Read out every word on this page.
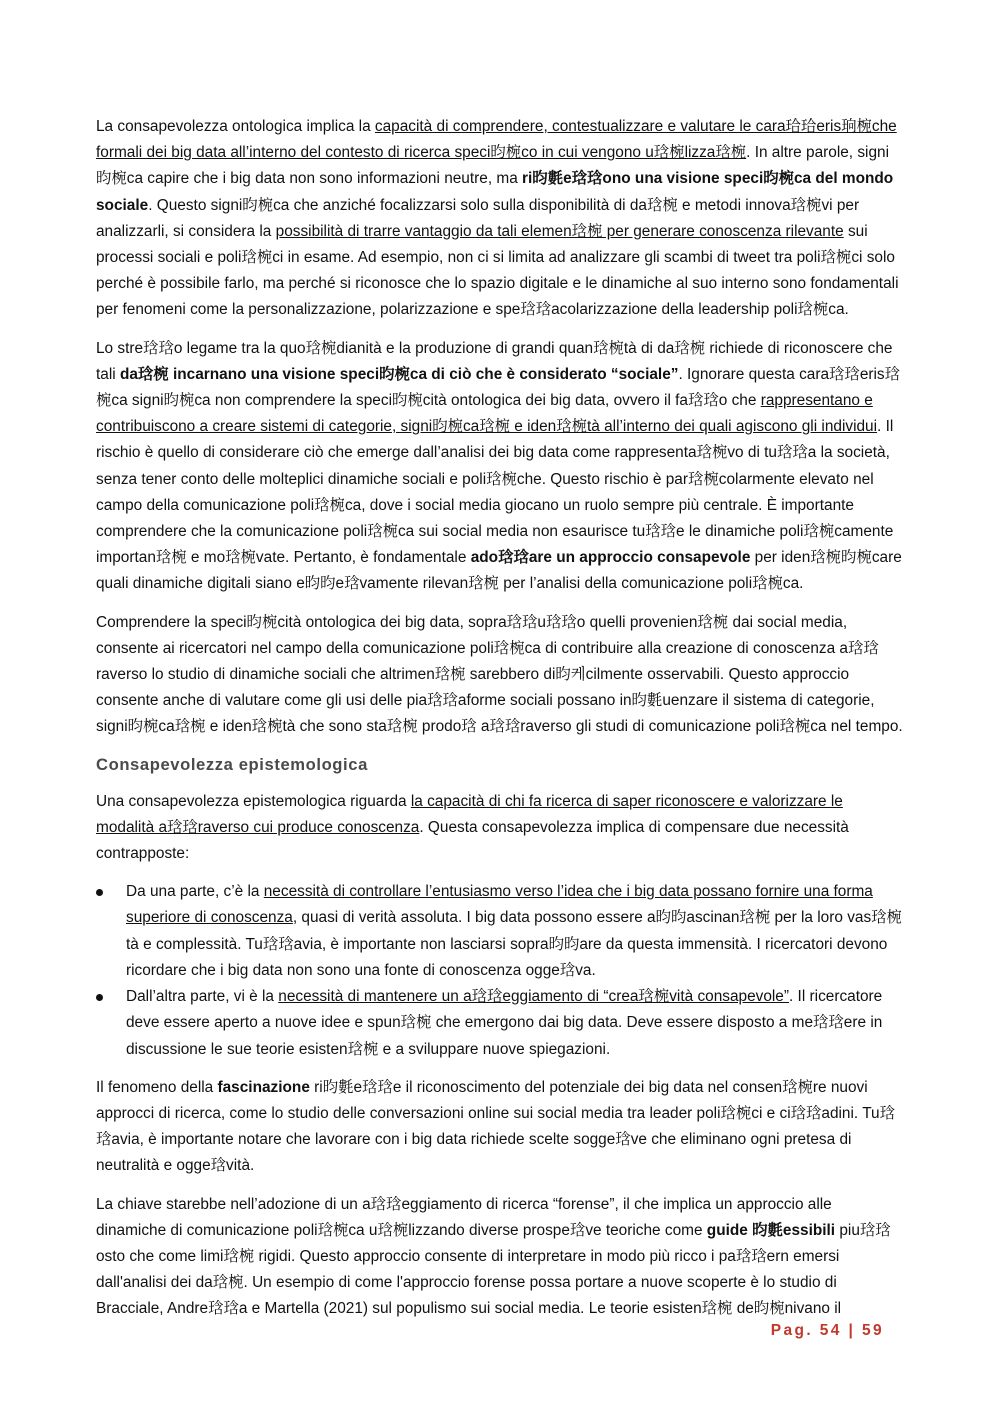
La consapevolezza ontologica implica la capacità di comprendere, contestualizzare e valutare le cara珨珨eris珦椀che formali dei big data all’interno del contesto di ricerca speci昀椀co in cui vengono u琀椀lizza琀椀. In altre parole, signi昀椀ca capire che i big data non sono informazioni neutre, ma ri昀氀e琀琀ono una visione speci昀椀ca del mondo sociale. Questo signi昀椀ca che anziché focalizzarsi solo sulla disponibilità di da琀椀 e metodi innova琀椀vi per analizzarli, si considera la possibilità di trarre vantaggio da tali elemen琀椀 per generare conoscenza rilevante sui processi sociali e poli琀椀ci in esame. Ad esempio, non ci si limita ad analizzare gli scambi di tweet tra poli琀椀ci solo perché è possibile farlo, ma perché si riconosce che lo spazio digitale e le dinamiche al suo interno sono fondamentali per fenomeni come la personalizzazione, polarizzazione e spe琀琀acolarizzazione della leadership poli琀椀ca.

Lo stre琀琀o legame tra la quo琀椀dianità e la produzione di grandi quan琀椀tà di da琀椀 richiede di riconoscere che tali da琀椀 incarnano una visione speci昀椀ca di ciò che è considerato “sociale”. Ignorare questa cara琀琀eris琀椀ca signi昀椀ca non comprendere la speci昀椀cità ontologica dei big data, ovvero il fa琀琀o che rappresentano e contribuiscono a creare sistemi di categorie, signi昀椀ca琀椀 e iden琀椀tà all’interno dei quali agiscono gli individui. Il rischio è quello di considerare ciò che emerge dall’analisi dei big data come rappresenta琀椀vo di tu琀琀a la società, senza tener conto delle molteplici dinamiche sociali e poli琀椀che. Questo rischio è par琀椀colarmente elevato nel campo della comunicazione poli琀椀ca, dove i social media giocano un ruolo sempre più centrale. È importante comprendere che la comunicazione poli琀椀ca sui social media non esaurisce tu琀琀e le dinamiche poli琀椀camente importan琀椀 e mo琀椀vate. Pertanto, è fondamentale ado琀琀are un approccio consapevole per iden琀椀昀椀care quali dinamiche digitali siano e昀昀e琀vamente rilevan琀椀 per l’analisi della comunicazione poli琀椀ca.

Comprendere la speci昀椀cità ontologica dei big data, sopra琀琀u琀琀o quelli provenien琀椀 dai social media, consente ai ricercatori nel campo della comunicazione poli琀椀ca di contribuire alla creazione di conoscenza a琀琀raverso lo studio di dinamiche sociali che altrimen琀椀 sarebbero di昀케cilmente osservabili. Questo approccio consente anche di valutare come gli usi delle pia琀琀aforme sociali possano in昀氀uenzare il sistema di categorie, signi昀椀ca琀椀 e iden琀椀tà che sono sta琀椀 prodo琀 a琀琀raverso gli studi di comunicazione poli琀椀ca nel tempo.

Consapevolezza epistemologica

Una consapevolezza epistemologica riguarda la capacità di chi fa ricerca di saper riconoscere e valorizzare le modalità a琀琀raverso cui produce conoscenza. Questa consapevolezza implica di compensare due necessità contrapposte:

Da una parte, c’è la necessità di controllare l’entusiasmo verso l’idea che i big data possano fornire una forma superiore di conoscenza, quasi di verità assoluta. I big data possono essere a昀昀ascinan琀椀 per la loro vas琀椀tà e complessità. Tu琀琀avia, è importante non lasciarsi sopra昀昀are da questa immensità. I ricercatori devono ricordare che i big data non sono una fonte di conoscenza ogge琀va.
Dall’altra parte, vi è la necessità di mantenere un a琀琀eggiamento di “crea琀椀vità consapevole”. Il ricercatore deve essere aperto a nuove idee e spun琀椀 che emergono dai big data. Deve essere disposto a me琀琀ere in discussione le sue teorie esisten琀椀 e a sviluppare nuove spiegazioni.

Il fenomeno della fascinazione ri昀氀e琀琀e il riconoscimento del potenziale dei big data nel consen琀椀re nuovi approcci di ricerca, come lo studio delle conversazioni online sui social media tra leader poli琀椀ci e ci琀琀adini. Tu琀琀avia, è importante notare che lavorare con i big data richiede scelte sogge琀ve che eliminano ogni pretesa di neutralità e ogge琀vità.

La chiave starebbe nell’adozione di un a琀琀eggiamento di ricerca “forense”, il che implica un approccio alle dinamiche di comunicazione poli琀椀ca u琀椀lizzando diverse prospe琀ve teoriche come guide 昀氀essibili piu琀琀osto che come limi琀椀 rigidi. Questo approccio consente di interpretare in modo più ricco i pa琀琀ern emersi dall'analisi dei da琀椀. Un esempio di come l'approccio forense possa portare a nuove scoperte è lo studio di Bracciale, Andre琀琀a e Martella (2021) sul populismo sui social media. Le teorie esisten琀椀 de昀椀nivano il

Pag. 54 | 59
